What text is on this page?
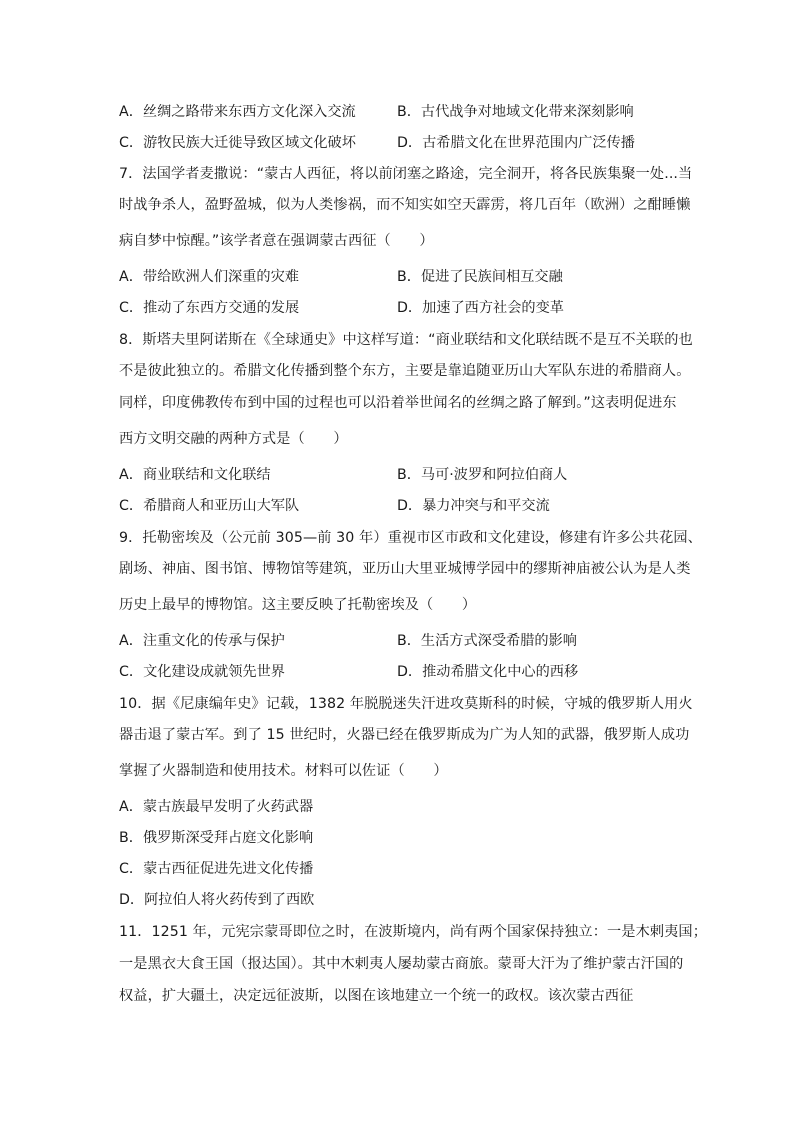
A．丝绸之路带来东西方文化深入交流	B．古代战争对地域文化带来深刻影响
C．游牧民族大迁徙导致区域文化破坏	D．古希腊文化在世界范围内广泛传播
7．法国学者麦撒说：“蒙古人西征，将以前闭塞之路途，完全洞开，将各民族集聚一处...当
时战争杀人，盈野盈城，似为人类惨祸，而不知实如空天霹雳，将几百年（欧洲）之酣睡懒
病自梦中惊醒。”该学者意在强调蒙古西征（　　）
A．带给欧洲人们深重的灾难	B．促进了民族间相互交融
C．推动了东西方交通的发展	D．加速了西方社会的变革
8．斯塔夫里阿诺斯在《全球通史》中这样写道：“商业联结和文化联结既不是互不关联的也
不是彼此独立的。希腊文化传播到整个东方，主要是靠追随亚历山大军队东进的希腊商人。
同样，印度佛教传布到中国的过程也可以沿着举世闻名的丝绸之路了解到。”这表明促进东
西方文明交融的两种方式是（　　）
A．商业联结和文化联结	B．马可·波罗和阿拉伯商人
C．希腊商人和亚历山大军队	D．暴力冲突与和平交流
9．托勒密埃及（公元前 305—前 30 年）重视市区市政和文化建设，修建有许多公共花园、
剧场、神庙、图书馆、博物馆等建筑，亚历山大里亚城博学园中的缪斯神庙被公认为是人类
历史上最早的博物馆。这主要反映了托勒密埃及（　　）
A．注重文化的传承与保护	B．生活方式深受希腊的影响
C．文化建设成就领先世界	D．推动希腊文化中心的西移
10．据《尼康编年史》记载，1382 年脱脱迷失汗进攻莫斯科的时候，守城的俄罗斯人用火
器击退了蒙古军。到了 15 世纪时，火器已经在俄罗斯成为广为人知的武器，俄罗斯人成功
掌握了火器制造和使用技术。材料可以佐证（　　）
A．蒙古族最早发明了火药武器
B．俄罗斯深受拜占庭文化影响
C．蒙古西征促进先进文化传播
D．阿拉伯人将火药传到了西欧
11．1251 年，元宪宗蒙哥即位之时，在波斯境内，尚有两个国家保持独立：一是木剌夷国；
一是黑衣大食王国（报达国）。其中木剌夷人屡劫蒙古商旅。蒙哥大汗为了维护蒙古汗国的
权益，扩大疆土，决定远征波斯，以图在该地建立一个统一的政权。该次蒙古西征
